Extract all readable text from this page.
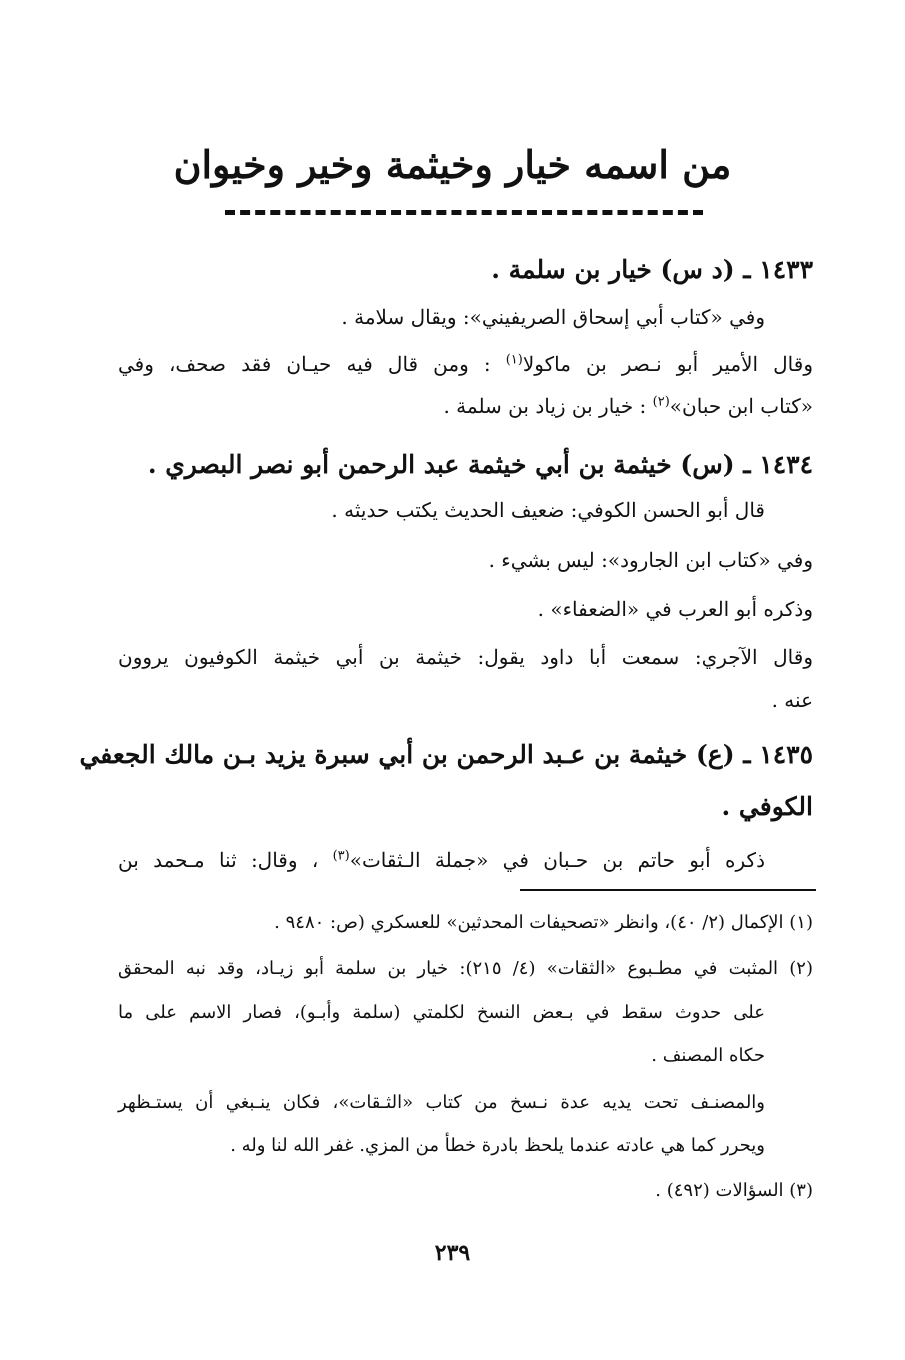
من اسمه خيار وخيثمة وخير وخيوان
١٤٣٣ ـ (د س) خيار بن سلمة .
وفي «كتاب أبي إسحاق الصريفيني»: ويقال سلامة .
وقال الأمير أبو نـصر بن ماكولا$^{(١)}$ : ومن قال فيه حيـان فقد صحف، وفي
«كتاب ابن حبان»$^{(٢)}$ : خيار بن زياد بن سلمة .
١٤٣٤ ـ (س) خيثمة بن أبي خيثمة عبد الرحمن أبو نصر البصري .
قال أبو الحسن الكوفي: ضعيف الحديث يكتب حديثه .
وفي «كتاب ابن الجارود»: ليس بشيء .
وذكره أبو العرب في «الضعفاء» .
وقال الآجري: سمعت أبا داود يقول: خيثمة بن أبي خيثمة الكوفيون يروون
عنه .
١٤٣٥ ـ (ع) خيثمة بن عـبد الرحمن بن أبي سبرة يزيد بـن مالك الجعفي
الكوفي .
ذكره أبو حاتم بن حـبان في «جملة الـثقات»$^{(٣)}$ ، وقال: ثنا مـحمد بن
(١) الإكمال (٢/ ٤٠)، وانظر «تصحيفات المحدثين» للعسكري (ص: ٩٤٨٠ .
(٢) المثبت في مطـبوع «الثقات» (٤/ ٢١٥): خيار بن سلمة أبو زيـاد، وقد نبه المحقق
على حدوث سقط في بـعض النسخ لكلمتي (سلمة وأبـو)، فصار الاسم على ما
حكاه المصنف .
والمصنـف تحت يديه عدة نـسخ من كتاب «الثـقات»، فكان ينـبغي أن يستـظهر
ويحرر كما هي عادته عندما يلحظ بادرة خطأ من المزي. غفر الله لنا وله .
(٣) السؤالات (٤٩٢) .
٢٣٩
